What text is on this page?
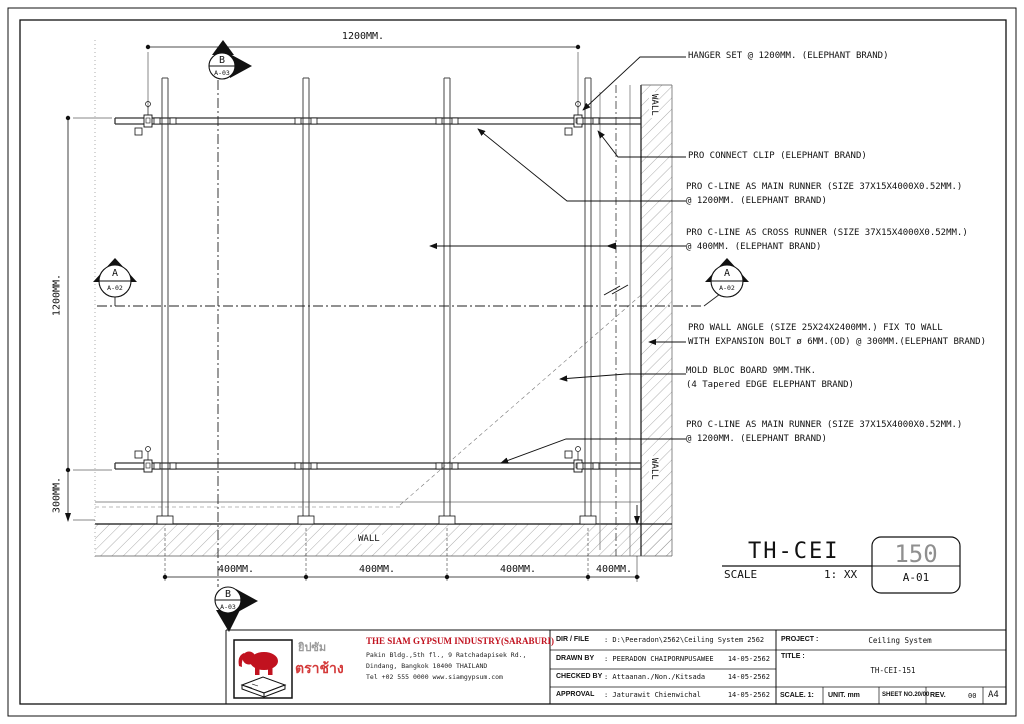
1200MM.
1200MM.
300MM.
400MM.	400MM.	400MM.	400MM.
WALL
WALL
WALL
B
A-03
B
A-03
A
A-02
A
A-02
HANGER SET @ 1200MM. (ELEPHANT BRAND)
PRO CONNECT CLIP (ELEPHANT BRAND)
PRO C-LINE AS MAIN RUNNER (SIZE 37X15X4000X0.52MM.)
@ 1200MM. (ELEPHANT BRAND)
PRO C-LINE AS CROSS RUNNER (SIZE 37X15X4000X0.52MM.)
@ 400MM. (ELEPHANT BRAND)
PRO WALL ANGLE (SIZE 25X24X2400MM.) FIX TO WALL
WITH EXPANSION BOLT ø 6MM.(OD) @ 300MM.(ELEPHANT BRAND)
MOLD BLOC BOARD 9MM.THK.
(4 Tapered EDGE ELEPHANT BRAND)
PRO C-LINE AS MAIN RUNNER (SIZE 37X15X4000X0.52MM.)
@ 1200MM. (ELEPHANT BRAND)
TH-CEI
SCALE	1: XX
150
A-01
ยิปซัม
ตราช้าง
THE SIAM GYPSUM INDUSTRY(SARABURI)
Pakin Bldg.,5th fl., 9 Ratchadapisek Rd.,
Dindang, Bangkok 10400 THAILAND
Tel +02 555 0000 www.siamgypsum.com
DIR / FILE : D:\Peeradon\2562\Ceiling System 2562
DRAWN BY : PEERADON CHAIPORNPUSAWEE	14-05-2562
CHECKED BY : Attaanan./Non./Kitsada	14-05-2562
APPROVAL : Jaturawit Chienwichal	14-05-2562
PROJECT :	Ceiling System
TITLE :
TH-CEI-151
SCALE. 1: UNIT. mm	SHEET NO.20/00 REV.	00 A4
